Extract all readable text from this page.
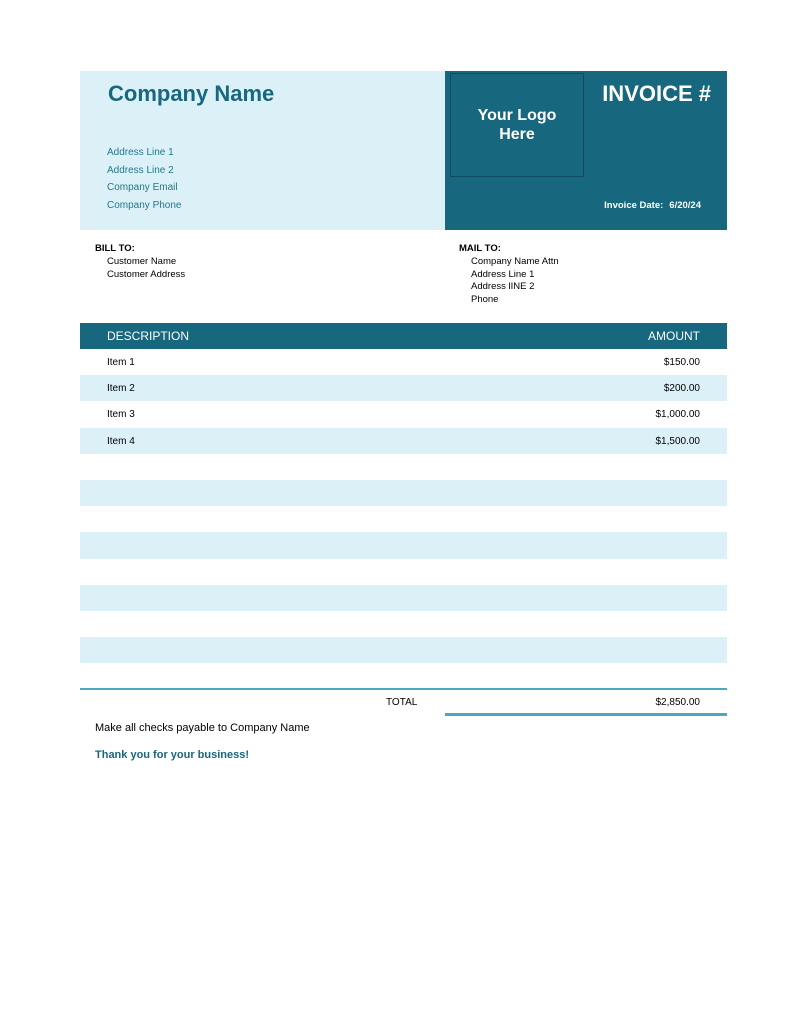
Company Name
Address Line 1
Address Line 2
Company Email
Company Phone
Your Logo
Here
INVOICE #
Invoice Date: 6/20/24
BILL TO:
Customer Name
Customer Address
MAIL TO:
Company Name Attn
Address Line 1
Address lINE 2
Phone
DESCRIPTION	AMOUNT
Item 1	$150.00
Item 2	$200.00
Item 3	$1,000.00
Item 4	$1,500.00
TOTAL	$2,850.00
Make all checks payable to Company Name
Thank you for your business!
